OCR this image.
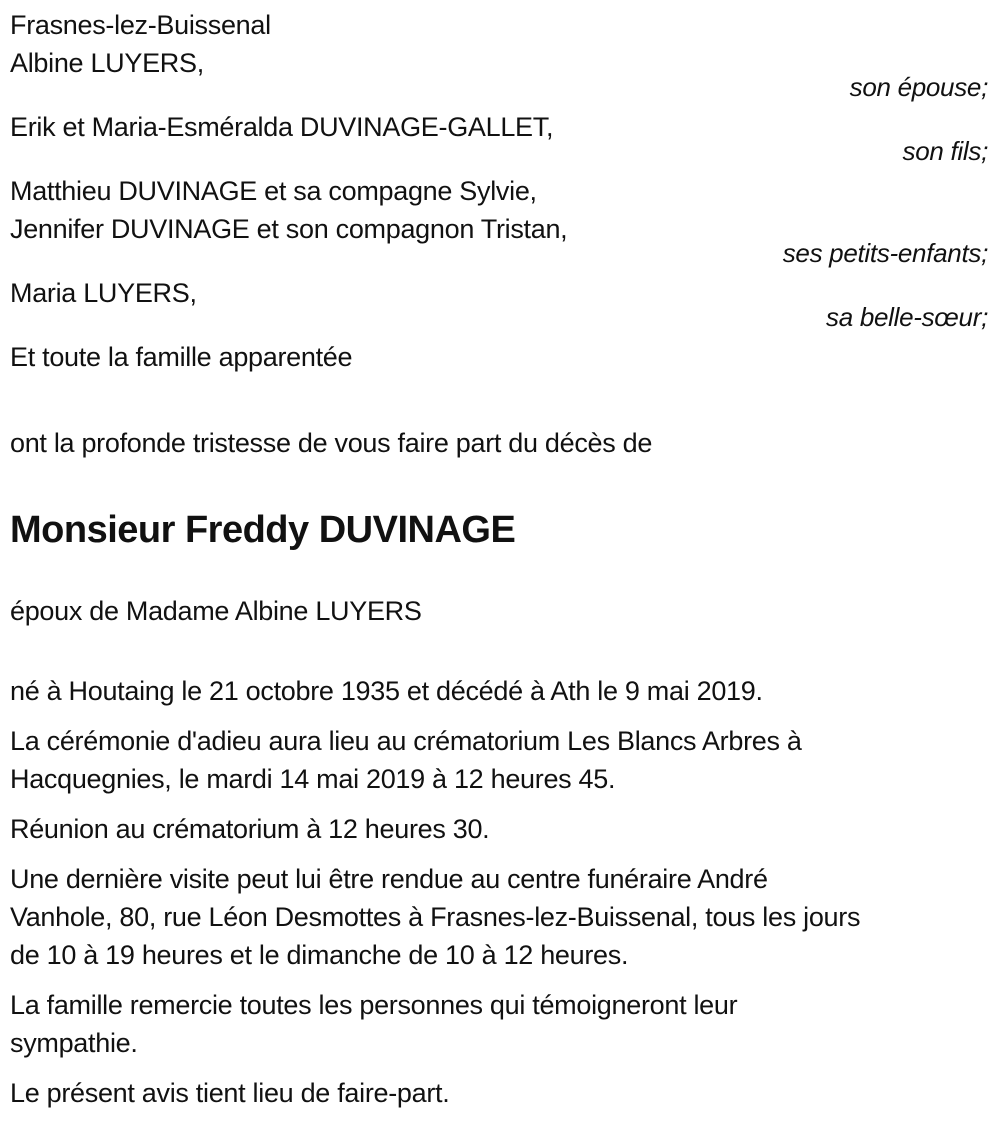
Frasnes-lez-Buissenal
Albine LUYERS,
son épouse;
Erik et Maria-Esméralda DUVINAGE-GALLET,
son fils;
Matthieu DUVINAGE et sa compagne Sylvie,
Jennifer DUVINAGE et son compagnon Tristan,
ses petits-enfants;
Maria LUYERS,
sa belle-sœur;
Et toute la famille apparentée
ont la profonde tristesse de vous faire part du décès de
Monsieur Freddy DUVINAGE
époux de Madame Albine LUYERS
né à Houtaing le 21 octobre 1935 et décédé à Ath le 9 mai 2019.
La cérémonie d'adieu aura lieu au crématorium Les Blancs Arbres à
Hacquegnies, le mardi 14 mai 2019 à 12 heures 45.
Réunion au crématorium à 12 heures 30.
Une dernière visite peut lui être rendue au centre funéraire André
Vanhole, 80, rue Léon Desmottes à Frasnes-lez-Buissenal, tous les jours
de 10 à 19 heures et le dimanche de 10 à 12 heures.
La famille remercie toutes les personnes qui témoigneront leur
sympathie.
Le présent avis tient lieu de faire-part.
